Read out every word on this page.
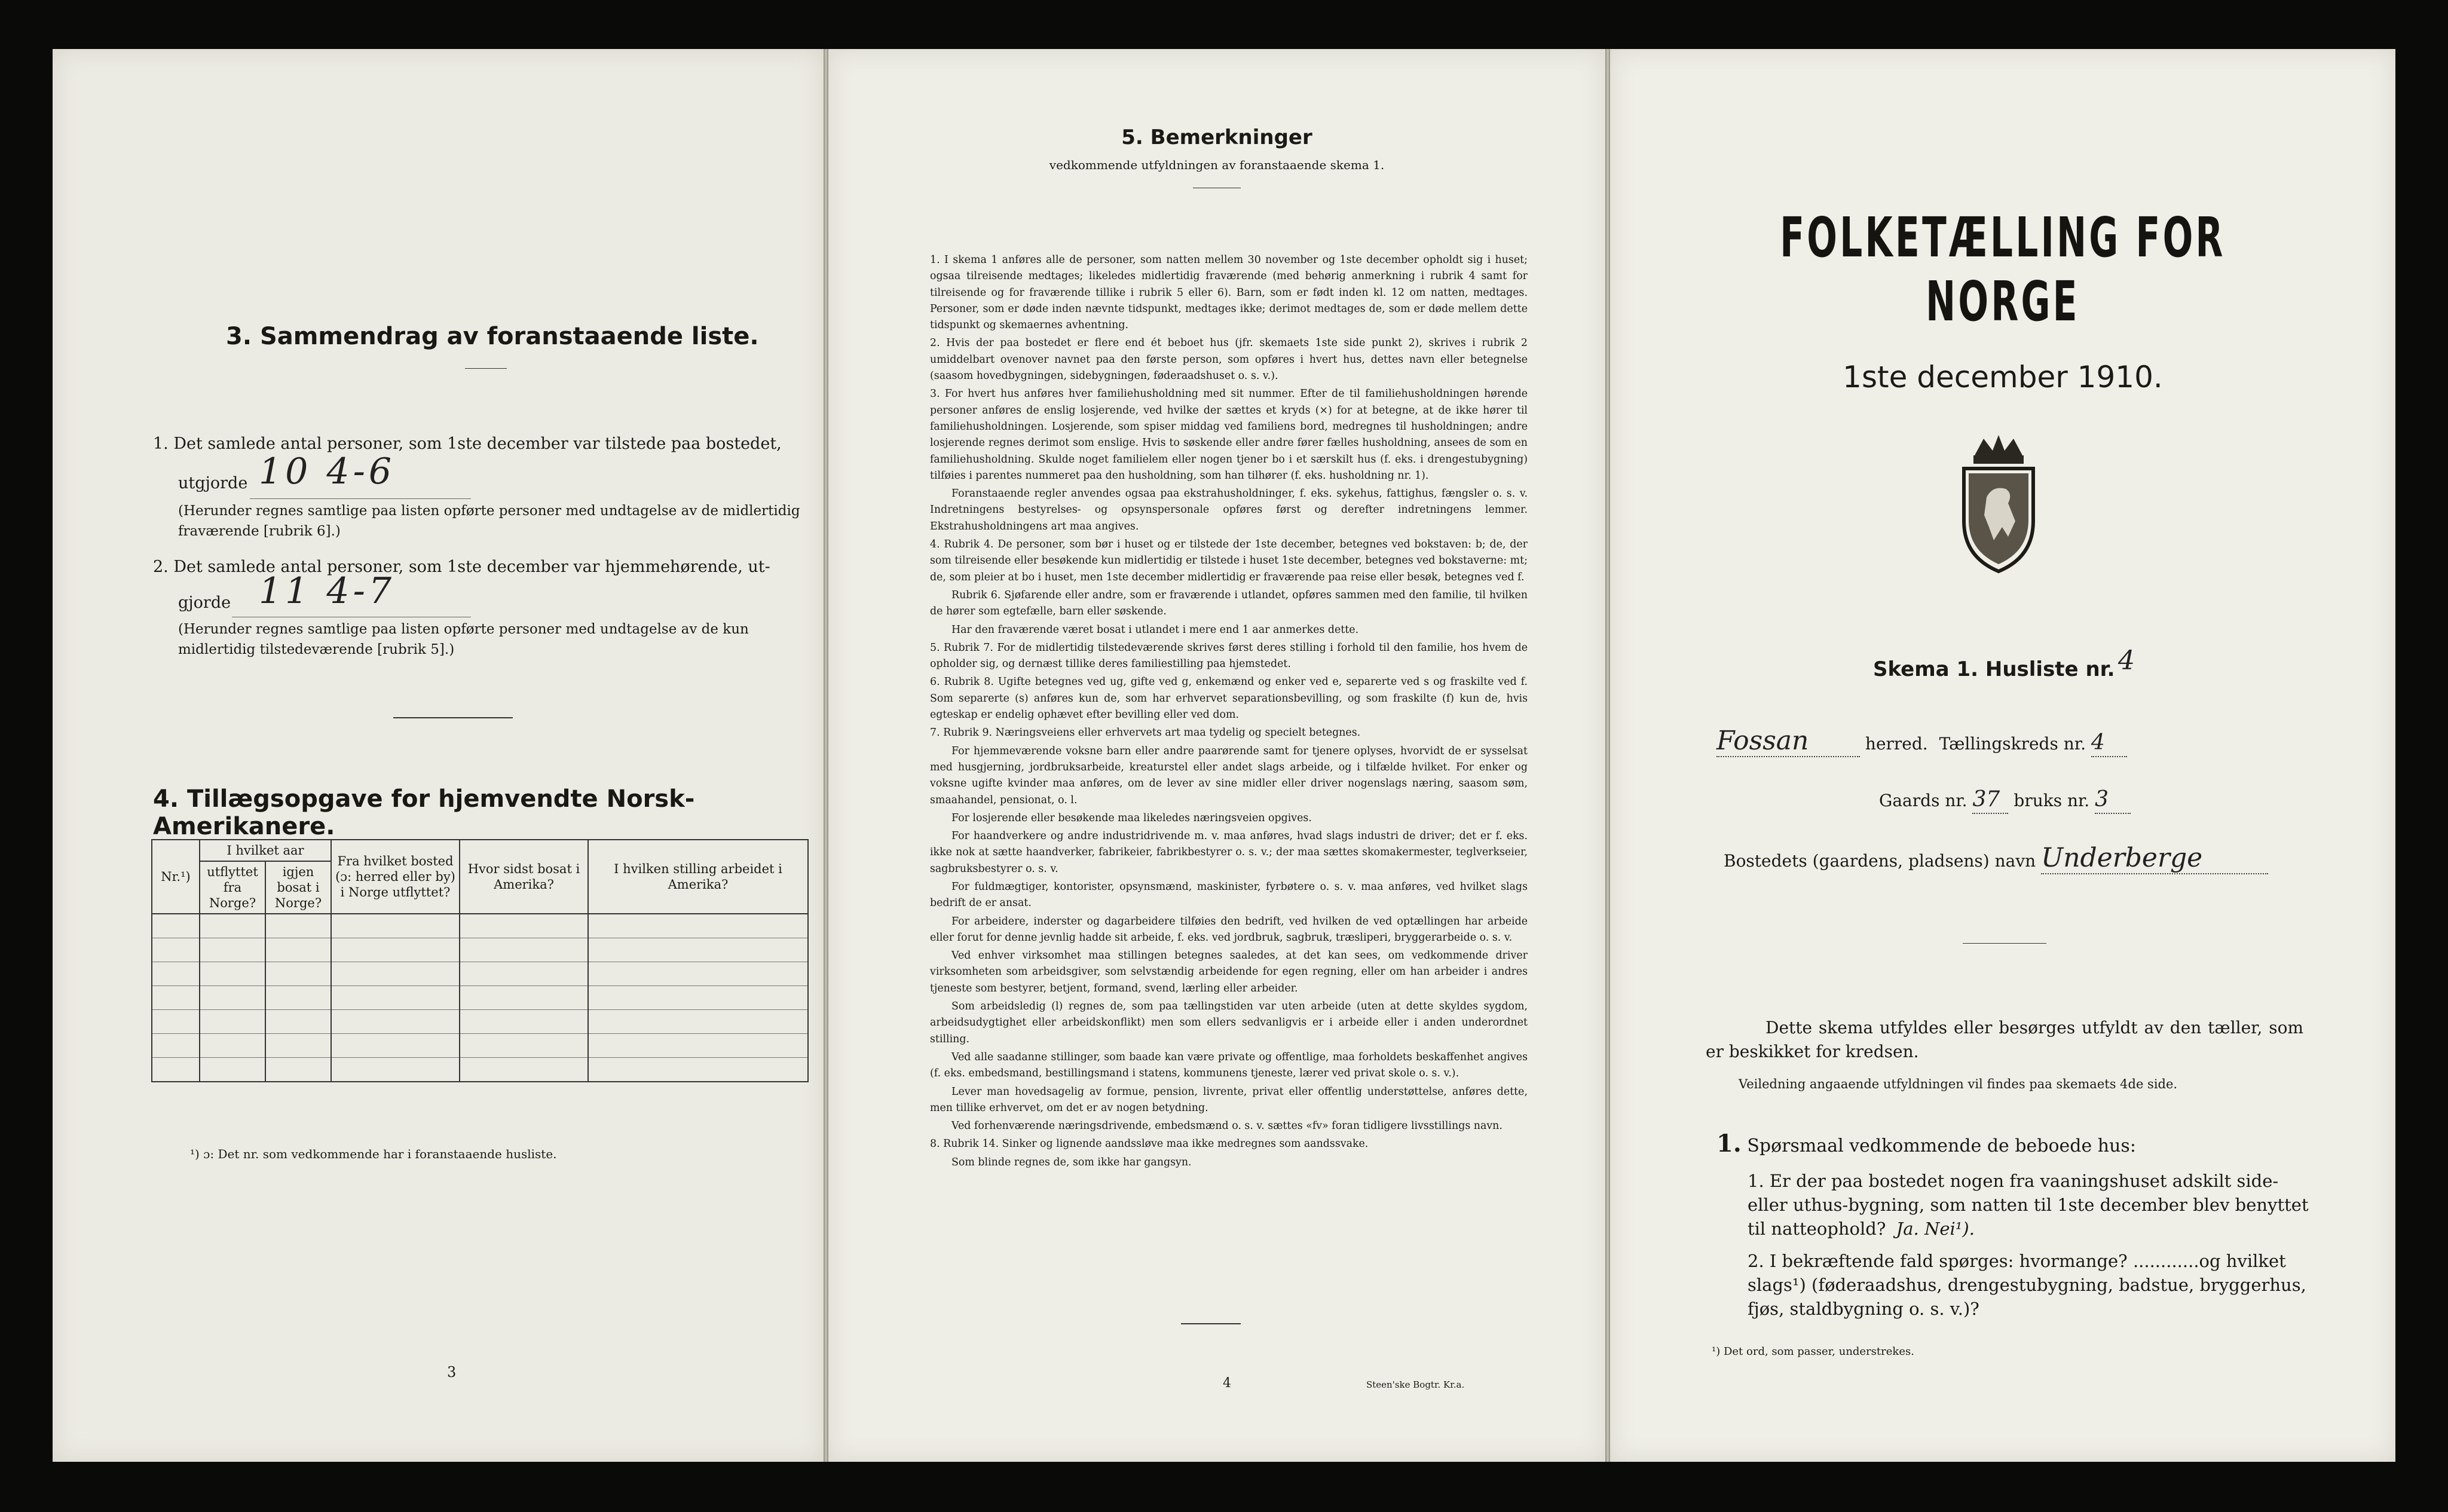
3. Sammendrag av foranstaaende liste.
1. Det samlede antal personer, som 1ste december var tilstede paa bostedet,
utgjorde 10 4-6
(Herunder regnes samtlige paa listen opførte personer med undtagelse av de midlertidig fraværende [rubrik 6].)
2. Det samlede antal personer, som 1ste december var hjemmehørende, ut-
gjorde 11 4-7
(Herunder regnes samtlige paa listen opførte personer med undtagelse av de kun midlertidig tilstedeværende [rubrik 5].)
4. Tillægsopgave for hjemvendte Norsk-Amerikanere.
Nr.¹)	I hvilket aar		Fra hvilket bosted (ɔ: herred eller by) i Norge utflyttet?	Hvor sidst bosat i Amerika?	I hvilken stilling arbeidet i Amerika?
	utflyttet fra Norge?	igjen bosat i Norge?			

¹) ɔ: Det nr. som vedkommende har i foranstaaende husliste.
3
5. Bemerkninger
vedkommende utfyldningen av foranstaaende skema 1.

1. I skema 1 anføres alle de personer, som natten mellem 30 november og 1ste december opholdt sig i huset; ogsaa tilreisende medtages; likeledes midlertidig fraværende (med behørig anmerkning i rubrik 4 samt for tilreisende og for fraværende tillike i rubrik 5 eller 6). Barn, som er født inden kl. 12 om natten, medtages. Personer, som er døde inden nævnte tidspunkt, medtages ikke; derimot medtages de, som er døde mellem dette tidspunkt og skemaernes avhentning.

2. Hvis der paa bostedet er flere end ét beboet hus (jfr. skemaets 1ste side punkt 2), skrives i rubrik 2 umiddelbart ovenover navnet paa den første person, som opføres i hvert hus, dettes navn eller betegnelse (saasom hovedbygningen, sidebygningen, føderaadshuset o. s. v.).

3. For hvert hus anføres hver familiehusholdning med sit nummer. Efter de til familiehusholdningen hørende personer anføres de enslig losjerende, ved hvilke der sættes et kryds (×) for at betegne, at de ikke hører til familiehusholdningen. Losjerende, som spiser middag ved familiens bord, medregnes til husholdningen; andre losjerende regnes derimot som enslige. Hvis to søskende eller andre fører fælles husholdning, ansees de som en familiehusholdning. Skulde noget familielem eller nogen tjener bo i et særskilt hus (f. eks. i drengestubygning) tilføies i parentes nummeret paa den husholdning, som han tilhører (f. eks. husholdning nr. 1).

Foranstaaende regler anvendes ogsaa paa ekstrahusholdninger, f. eks. sykehus, fattighus, fængsler o. s. v. Indretningens bestyrelses- og opsynspersonale opføres først og derefter indretningens lemmer. Ekstrahusholdningens art maa angives.

4. Rubrik 4. De personer, som bør i huset og er tilstede der 1ste december, betegnes ved bokstaven: b; de, der som tilreisende eller besøkende kun midlertidig er tilstede i huset 1ste december, betegnes ved bokstaverne: mt; de, som pleier at bo i huset, men 1ste december midlertidig er fraværende paa reise eller besøk, betegnes ved f.

Rubrik 6. Sjøfarende eller andre, som er fraværende i utlandet, opføres sammen med den familie, til hvilken de hører som egtefælle, barn eller søskende.

Har den fraværende været bosat i utlandet i mere end 1 aar anmerkes dette.

5. Rubrik 7. For de midlertidig tilstedeværende skrives først deres stilling i forhold til den familie, hos hvem de opholder sig, og dernæst tillike deres familiestilling paa hjemstedet.

6. Rubrik 8. Ugifte betegnes ved ug, gifte ved g, enkemænd og enker ved e, separerte ved s og fraskilte ved f. Som separerte (s) anføres kun de, som har erhvervet separationsbevilling, og som fraskilte (f) kun de, hvis egteskap er endelig ophævet efter bevilling eller ved dom.

7. Rubrik 9. Næringsveiens eller erhvervets art maa tydelig og specielt betegnes.

For hjemmeværende voksne barn eller andre paarørende samt for tjenere oplyses, hvorvidt de er sysselsat med husgjerning, jordbruksarbeide, kreaturstel eller andet slags arbeide, og i tilfælde hvilket. For enker og voksne ugifte kvinder maa anføres, om de lever av sine midler eller driver nogenslags næring, saasom søm, smaahandel, pensionat, o. l.

For losjerende eller besøkende maa likeledes næringsveien opgives.

For haandverkere og andre industridrivende m. v. maa anføres, hvad slags industri de driver; det er f. eks. ikke nok at sætte haandverker, fabrikeier, fabrikbestyrer o. s. v.; der maa sættes skomakermester, teglverkseier, sagbruksbestyrer o. s. v.

For fuldmægtiger, kontorister, opsynsmænd, maskinister, fyrbøtere o. s. v. maa anføres, ved hvilket slags bedrift de er ansat.

For arbeidere, inderster og dagarbeidere tilføies den bedrift, ved hvilken de ved optællingen har arbeide eller forut for denne jevnlig hadde sit arbeide, f. eks. ved jordbruk, sagbruk, træsliperi, bryggerarbeide o. s. v.

Ved enhver virksomhet maa stillingen betegnes saaledes, at det kan sees, om vedkommende driver virksomheten som arbeidsgiver, som selvstændig arbeidende for egen regning, eller om han arbeider i andres tjeneste som bestyrer, betjent, formand, svend, lærling eller arbeider.

Som arbeidsledig (l) regnes de, som paa tællingstiden var uten arbeide (uten at dette skyldes sygdom, arbeidsudygtighet eller arbeidskonflikt) men som ellers sedvanligvis er i arbeide eller i anden underordnet stilling.

Ved alle saadanne stillinger, som baade kan være private og offentlige, maa forholdets beskaffenhet angives (f. eks. embedsmand, bestillingsmand i statens, kommunens tjeneste, lærer ved privat skole o. s. v.).

Lever man hovedsagelig av formue, pension, livrente, privat eller offentlig understøttelse, anføres dette, men tillike erhvervet, om det er av nogen betydning.

Ved forhenværende næringsdrivende, embedsmænd o. s. v. sættes «fv» foran tidligere livsstillings navn.

8. Rubrik 14. Sinker og lignende aandssløve maa ikke medregnes som aandssvake.

Som blinde regnes de, som ikke har gangsyn.

4	Steen'ske Bogtr. Kr.a.
FOLKETÆLLING FOR NORGE
1ste december 1910.
Skema 1. Husliste nr. 4
Fossan	herred. Tællingskreds nr. 4
Gaards nr. 37 bruks nr. 3
Bostedets (gaardens, pladsens) navn Underberge
Dette skema utfyldes eller besørges utfyldt av den tæller, som er beskikket for kredsen.
Veiledning angaaende utfyldningen vil findes paa skemaets 4de side.
1. Spørsmaal vedkommende de beboede hus:
1. Er der paa bostedet nogen fra vaaningshuset adskilt side- eller uthus-bygning, som natten til 1ste december blev benyttet til natteophold? Ja. Nei¹).
2. I bekræftende fald spørges: hvormange? ............og hvilket slags¹) (føderaadshus, drengestubygning, badstue, bryggerhus, fjøs, staldbygning o. s. v.)?
¹) Det ord, som passer, understrekes.
